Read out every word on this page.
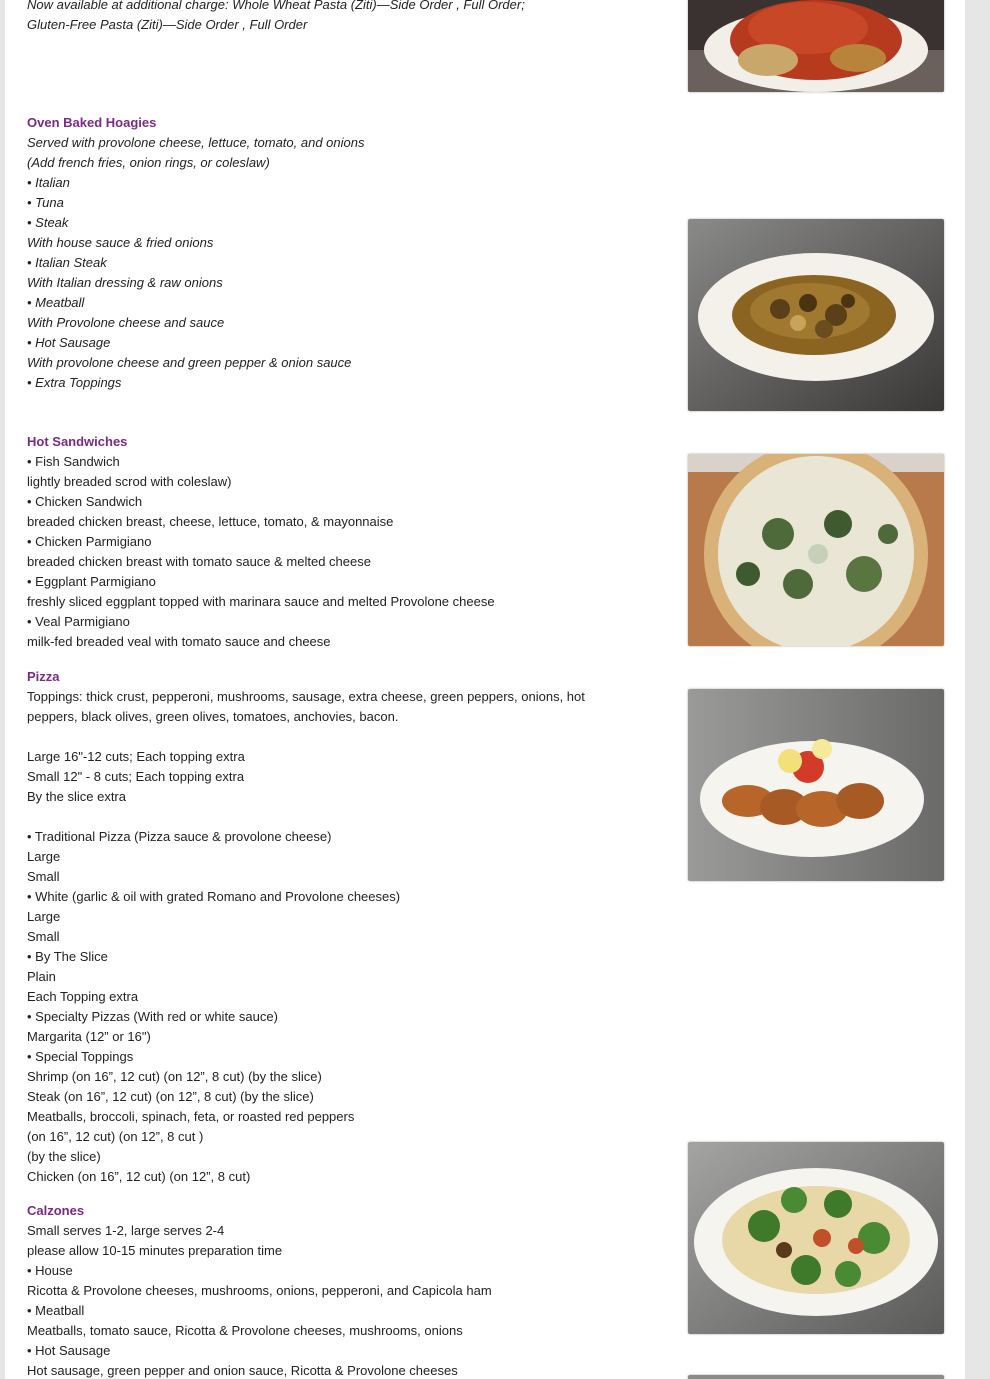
Now available at additional charge: Whole Wheat Pasta (Ziti)—Side Order , Full Order;
Gluten-Free Pasta (Ziti)—Side Order , Full Order
Oven Baked Hoagies
Served with provolone cheese, lettuce, tomato, and onions
(Add french fries, onion rings, or coleslaw)
• Italian
• Tuna
• Steak
With house sauce & fried onions
• Italian Steak
With Italian dressing & raw onions
• Meatball
With Provolone cheese and sauce
• Hot Sausage
With provolone cheese and green pepper & onion sauce
• Extra Toppings
Hot Sandwiches
• Fish Sandwich
lightly breaded scrod with coleslaw)
• Chicken Sandwich
breaded chicken breast, cheese, lettuce, tomato, & mayonnaise
• Chicken Parmigiano
breaded chicken breast with tomato sauce & melted cheese
• Eggplant Parmigiano
freshly sliced eggplant topped with marinara sauce and melted Provolone cheese
• Veal Parmigiano
milk-fed breaded veal with tomato sauce and cheese
Pizza
Toppings: thick crust, pepperoni, mushrooms, sausage, extra cheese, green peppers, onions, hot
peppers, black olives, green olives, tomatoes, anchovies, bacon.
Large 16"-12 cuts; Each topping extra
Small 12" - 8 cuts; Each topping extra
By the slice extra
• Traditional Pizza (Pizza sauce & provolone cheese)
Large
Small
• White (garlic & oil with grated Romano and Provolone cheeses)
Large
Small
• By The Slice
Plain
Each Topping extra
• Specialty Pizzas (With red or white sauce)
Margarita (12” or 16")
• Special Toppings
Shrimp (on 16”, 12 cut) (on 12”, 8 cut) (by the slice)
Steak (on 16”, 12 cut) (on 12”, 8 cut) (by the slice)
Meatballs, broccoli, spinach, feta, or roasted red peppers
(on 16”, 12 cut) (on 12”, 8 cut )
(by the slice)
Chicken (on 16”, 12 cut) (on 12”, 8 cut)
Calzones
Small serves 1-2, large serves 2-4
please allow 10-15 minutes preparation time
• House
Ricotta & Provolone cheeses, mushrooms, onions, pepperoni, and Capicola ham
• Meatball
Meatballs, tomato sauce, Ricotta & Provolone cheeses, mushrooms, onions
• Hot Sausage
Hot sausage, green pepper and onion sauce, Ricotta & Provolone cheeses
